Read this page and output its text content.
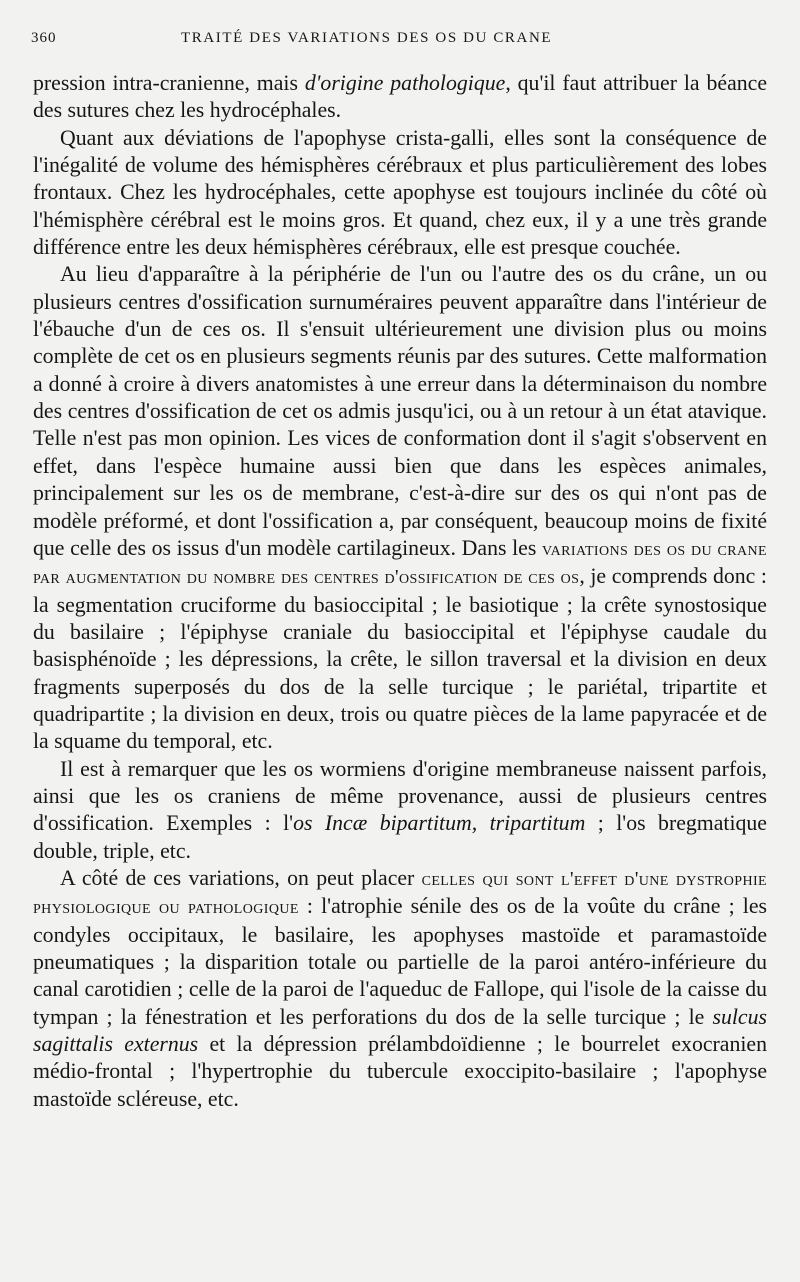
360	TRAITÉ DES VARIATIONS DES OS DU CRANE

pression intra-cranienne, mais d'origine pathologique, qu'il faut attribuer la béance des sutures chez les hydrocéphales.

Quant aux déviations de l'apophyse crista-galli, elles sont la conséquence de l'inégalité de volume des hémisphères cérébraux et plus particulièrement des lobes frontaux. Chez les hydrocéphales, cette apophyse est toujours inclinée du côté où l'hémisphère cérébral est le moins gros. Et quand, chez eux, il y a une très grande différence entre les deux hémisphères cérébraux, elle est presque couchée.

Au lieu d'apparaître à la périphérie de l'un ou l'autre des os du crâne, un ou plusieurs centres d'ossification surnuméraires peuvent apparaître dans l'intérieur de l'ébauche d'un de ces os. Il s'ensuit ultérieurement une division plus ou moins complète de cet os en plusieurs segments réunis par des sutures. Cette malformation a donné à croire à divers anatomistes à une erreur dans la déterminaison du nombre des centres d'ossification de cet os admis jusqu'ici, ou à un retour à un état atavique. Telle n'est pas mon opinion. Les vices de conformation dont il s'agit s'observent en effet, dans l'espèce humaine aussi bien que dans les espèces animales, principalement sur les os de membrane, c'est-à-dire sur des os qui n'ont pas de modèle préformé, et dont l'ossification a, par conséquent, beaucoup moins de fixité que celle des os issus d'un modèle cartilagineux. Dans les variations des os du crane par augmentation du nombre des centres d'ossification de ces os, je comprends donc : la segmentation cruciforme du basioccipital ; le basiotique ; la crête synostosique du basilaire ; l'épiphyse craniale du basioccipital et l'épiphyse caudale du basisphénoïde ; les dépressions, la crête, le sillon traversal et la division en deux fragments superposés du dos de la selle turcique ; le pariétal, tripartite et quadripartite ; la division en deux, trois ou quatre pièces de la lame papyracée et de la squame du temporal, etc.

Il est à remarquer que les os wormiens d'origine membraneuse naissent parfois, ainsi que les os craniens de même provenance, aussi de plusieurs centres d'ossification. Exemples : l'os Incæ bipartitum, tripartitum ; l'os bregmatique double, triple, etc.

A côté de ces variations, on peut placer celles qui sont l'effet d'une dystrophie physiologique ou pathologique : l'atrophie sénile des os de la voûte du crâne ; les condyles occipitaux, le basilaire, les apophyses mastoïde et paramastoïde pneumatiques ; la disparition totale ou partielle de la paroi antéro-inférieure du canal carotidien ; celle de la paroi de l'aqueduc de Fallope, qui l'isole de la caisse du tympan ; la fénestration et les perforations du dos de la selle turcique ; le sulcus sagittalis externus et la dépression prélambdoïdienne ; le bourrelet exocranien médio-frontal ; l'hypertrophie du tubercule exoccipito-basilaire ; l'apophyse mastoïde scléreuse, etc.
